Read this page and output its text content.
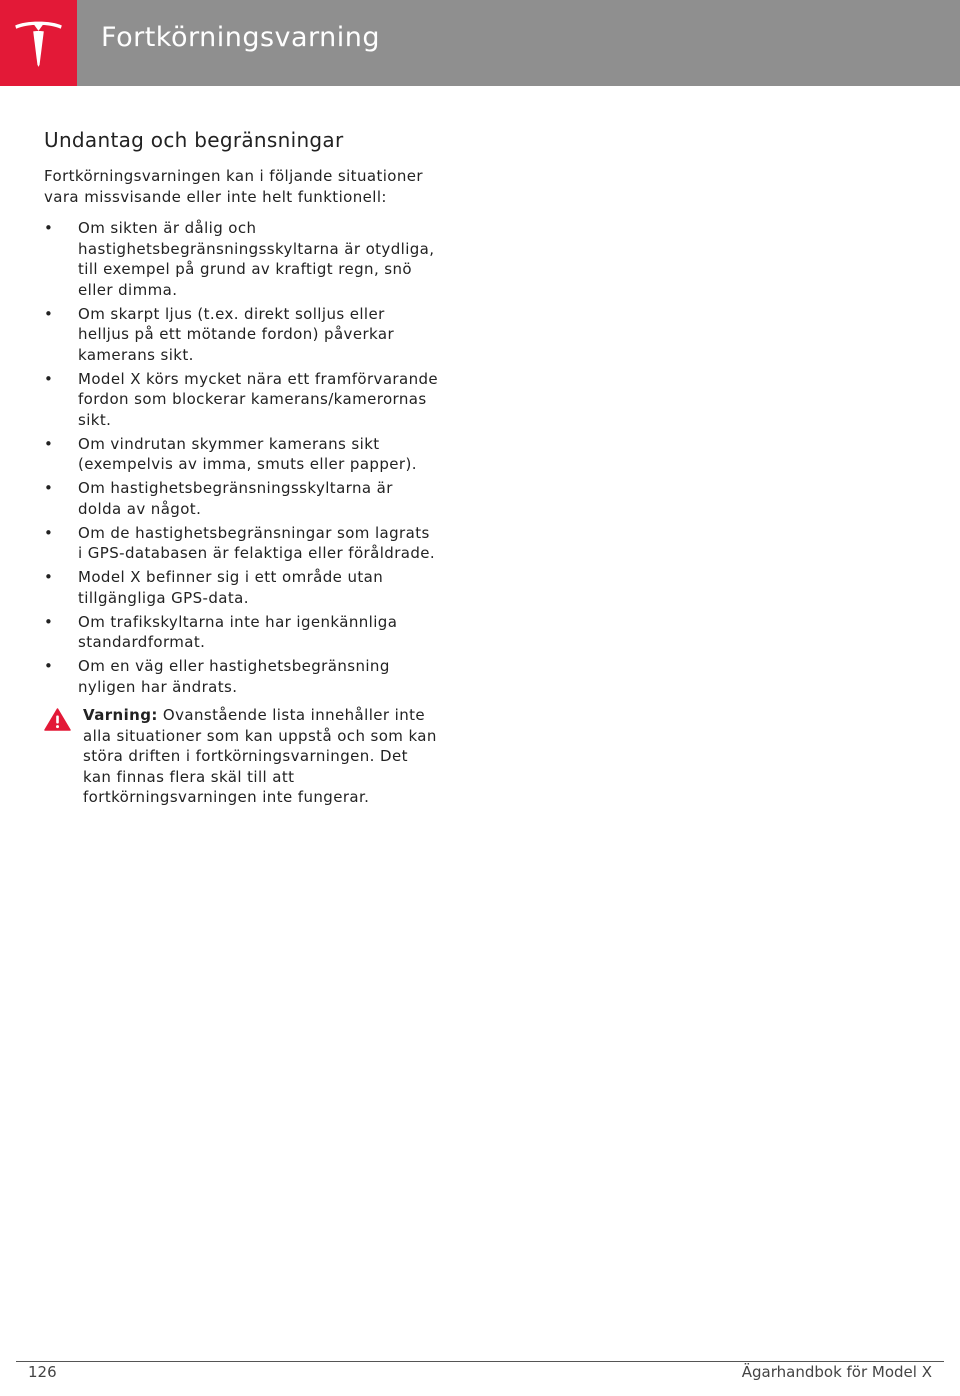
Fortkörningsvarning
Undantag och begränsningar

Fortkörningsvarningen kan i följande situationer vara missvisande eller inte helt funktionell:

• Om sikten är dålig och hastighetsbegränsningsskyltarna är otydliga, till exempel på grund av kraftigt regn, snö eller dimma.
• Om skarpt ljus (t.ex. direkt solljus eller helljus på ett mötande fordon) påverkar kamerans sikt.
• Model X körs mycket nära ett framförvarande fordon som blockerar kamerans/kamerornas sikt.
• Om vindrutan skymmer kamerans sikt (exempelvis av imma, smuts eller papper).
• Om hastighetsbegränsningsskyltarna är dolda av något.
• Om de hastighetsbegränsningar som lagrats i GPS-databasen är felaktiga eller föråldrade.
• Model X befinner sig i ett område utan tillgängliga GPS-data.
• Om trafikskyltarna inte har igenkännliga standardformat.
• Om en väg eller hastighetsbegränsning nyligen har ändrats.
Varning: Ovanstående lista innehåller inte alla situationer som kan uppstå och som kan störa driften i fortkörningsvarningen. Det kan finnas flera skäl till att fortkörningsvarningen inte fungerar.
126	Ägarhandbok för Model X
